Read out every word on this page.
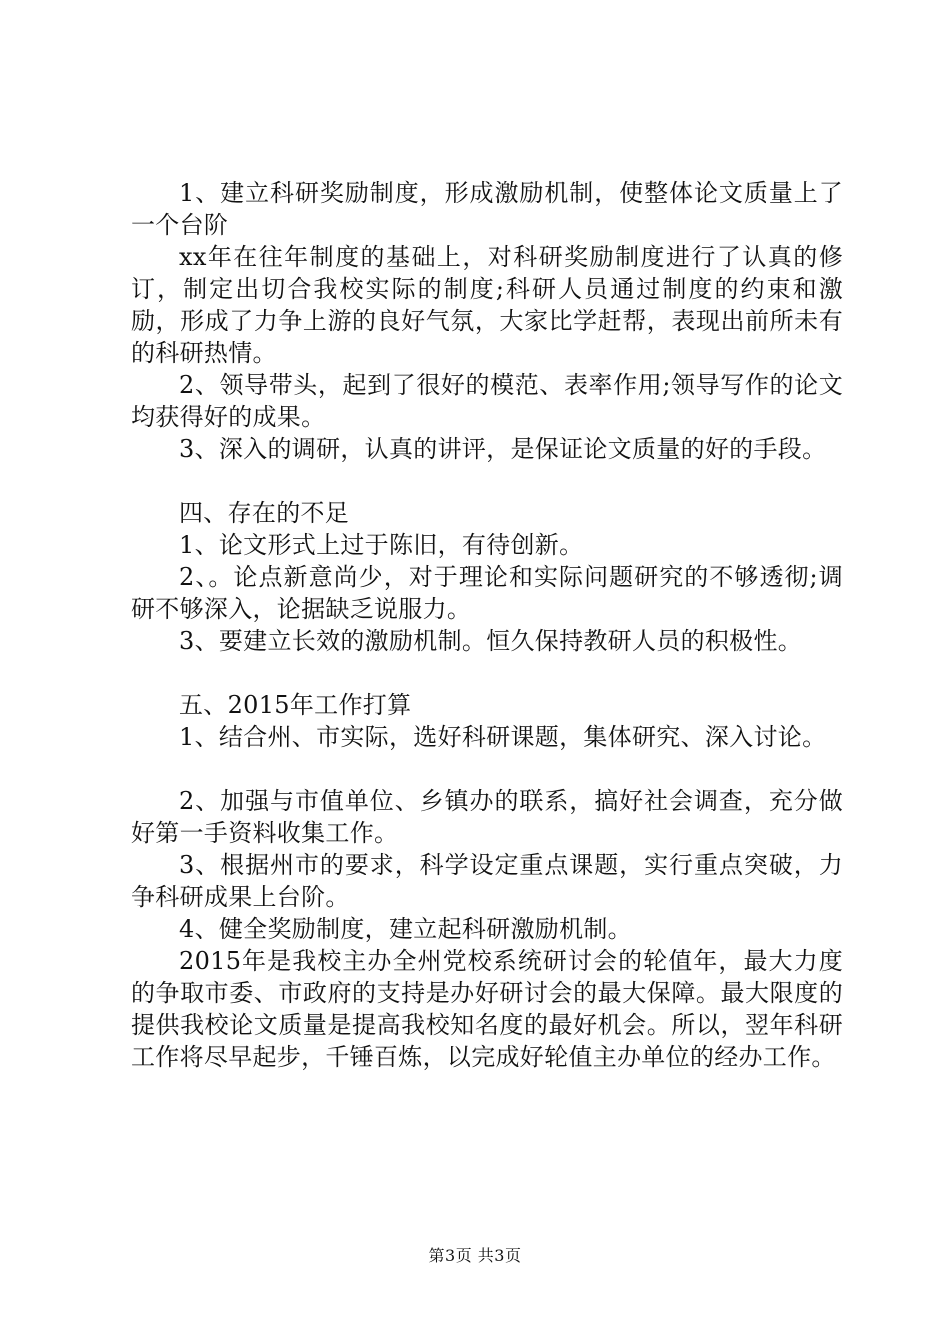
1、建立科研奖励制度，形成激励机制，使整体论文质量上了一个台阶

xx年在往年制度的基础上，对科研奖励制度进行了认真的修订，制定出切合我校实际的制度;科研人员通过制度的约束和激励，形成了力争上游的良好气氛，大家比学赶帮，表现出前所未有的科研热情。

2、领导带头，起到了很好的模范、表率作用;领导写作的论文均获得好的成果。

3、深入的调研，认真的讲评，是保证论文质量的好的手段。

四、存在的不足

1、论文形式上过于陈旧，有待创新。

2、。论点新意尚少，对于理论和实际问题研究的不够透彻;调研不够深入，论据缺乏说服力。

3、要建立长效的激励机制。恒久保持教研人员的积极性。

五、2015年工作打算

1、结合州、市实际，选好科研课题，集体研究、深入讨论。

2、加强与市值单位、乡镇办的联系，搞好社会调查，充分做好第一手资料收集工作。

3、根据州市的要求，科学设定重点课题，实行重点突破，力争科研成果上台阶。

4、健全奖励制度，建立起科研激励机制。

2015年是我校主办全州党校系统研讨会的轮值年，最大力度的争取市委、市政府的支持是办好研讨会的最大保障。最大限度的提供我校论文质量是提高我校知名度的最好机会。所以，翌年科研工作将尽早起步，千锤百炼，以完成好轮值主办单位的经办工作。

第3页 共3页
